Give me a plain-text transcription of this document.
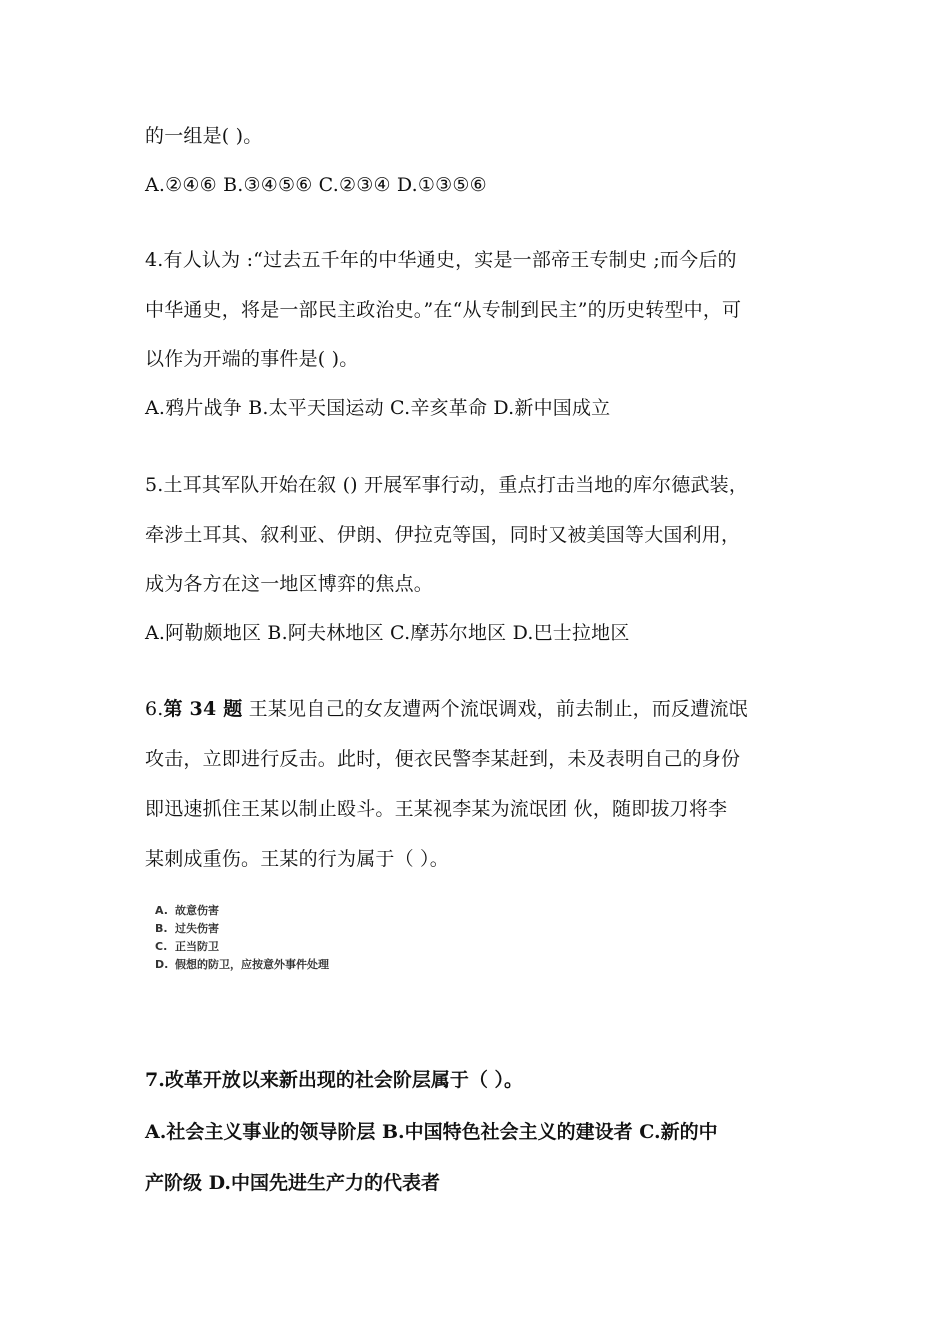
的一组是( )。
A.②④⑥ B.③④⑤⑥ C.②③④ D.①③⑤⑥
4.有人认为 :“过去五千年的中华通史，实是一部帝王专制史 ;而今后的
中华通史，将是一部民主政治史。”在“从专制到民主”的历史转型中，可
以作为开端的事件是( )。
A.鸦片战争 B.太平天国运动 C.辛亥革命 D.新中国成立
5.土耳其军队开始在叙 () 开展军事行动，重点打击当地的库尔德武装，
牵涉土耳其、叙利亚、伊朗、伊拉克等国，同时又被美国等大国利用，
成为各方在这一地区博弈的焦点。
A.阿勒颇地区 B.阿夫林地区 C.摩苏尔地区 D.巴士拉地区
6.第 34 题 王某见自己的女友遭两个流氓调戏，前去制止，而反遭流氓
攻击，立即进行反击。此时，便衣民警李某赶到，未及表明自己的身份
即迅速抓住王某以制止殴斗。王某视李某为流氓团 伙，随即拔刀将李
某刺成重伤。王某的行为属于（ ）。
A. 故意伤害
B. 过失伤害
C. 正当防卫
D. 假想的防卫，应按意外事件处理
7.改革开放以来新出现的社会阶层属于（ ）。
A.社会主义事业的领导阶层 B.中国特色社会主义的建设者 C.新的中
产阶级 D.中国先进生产力的代表者
